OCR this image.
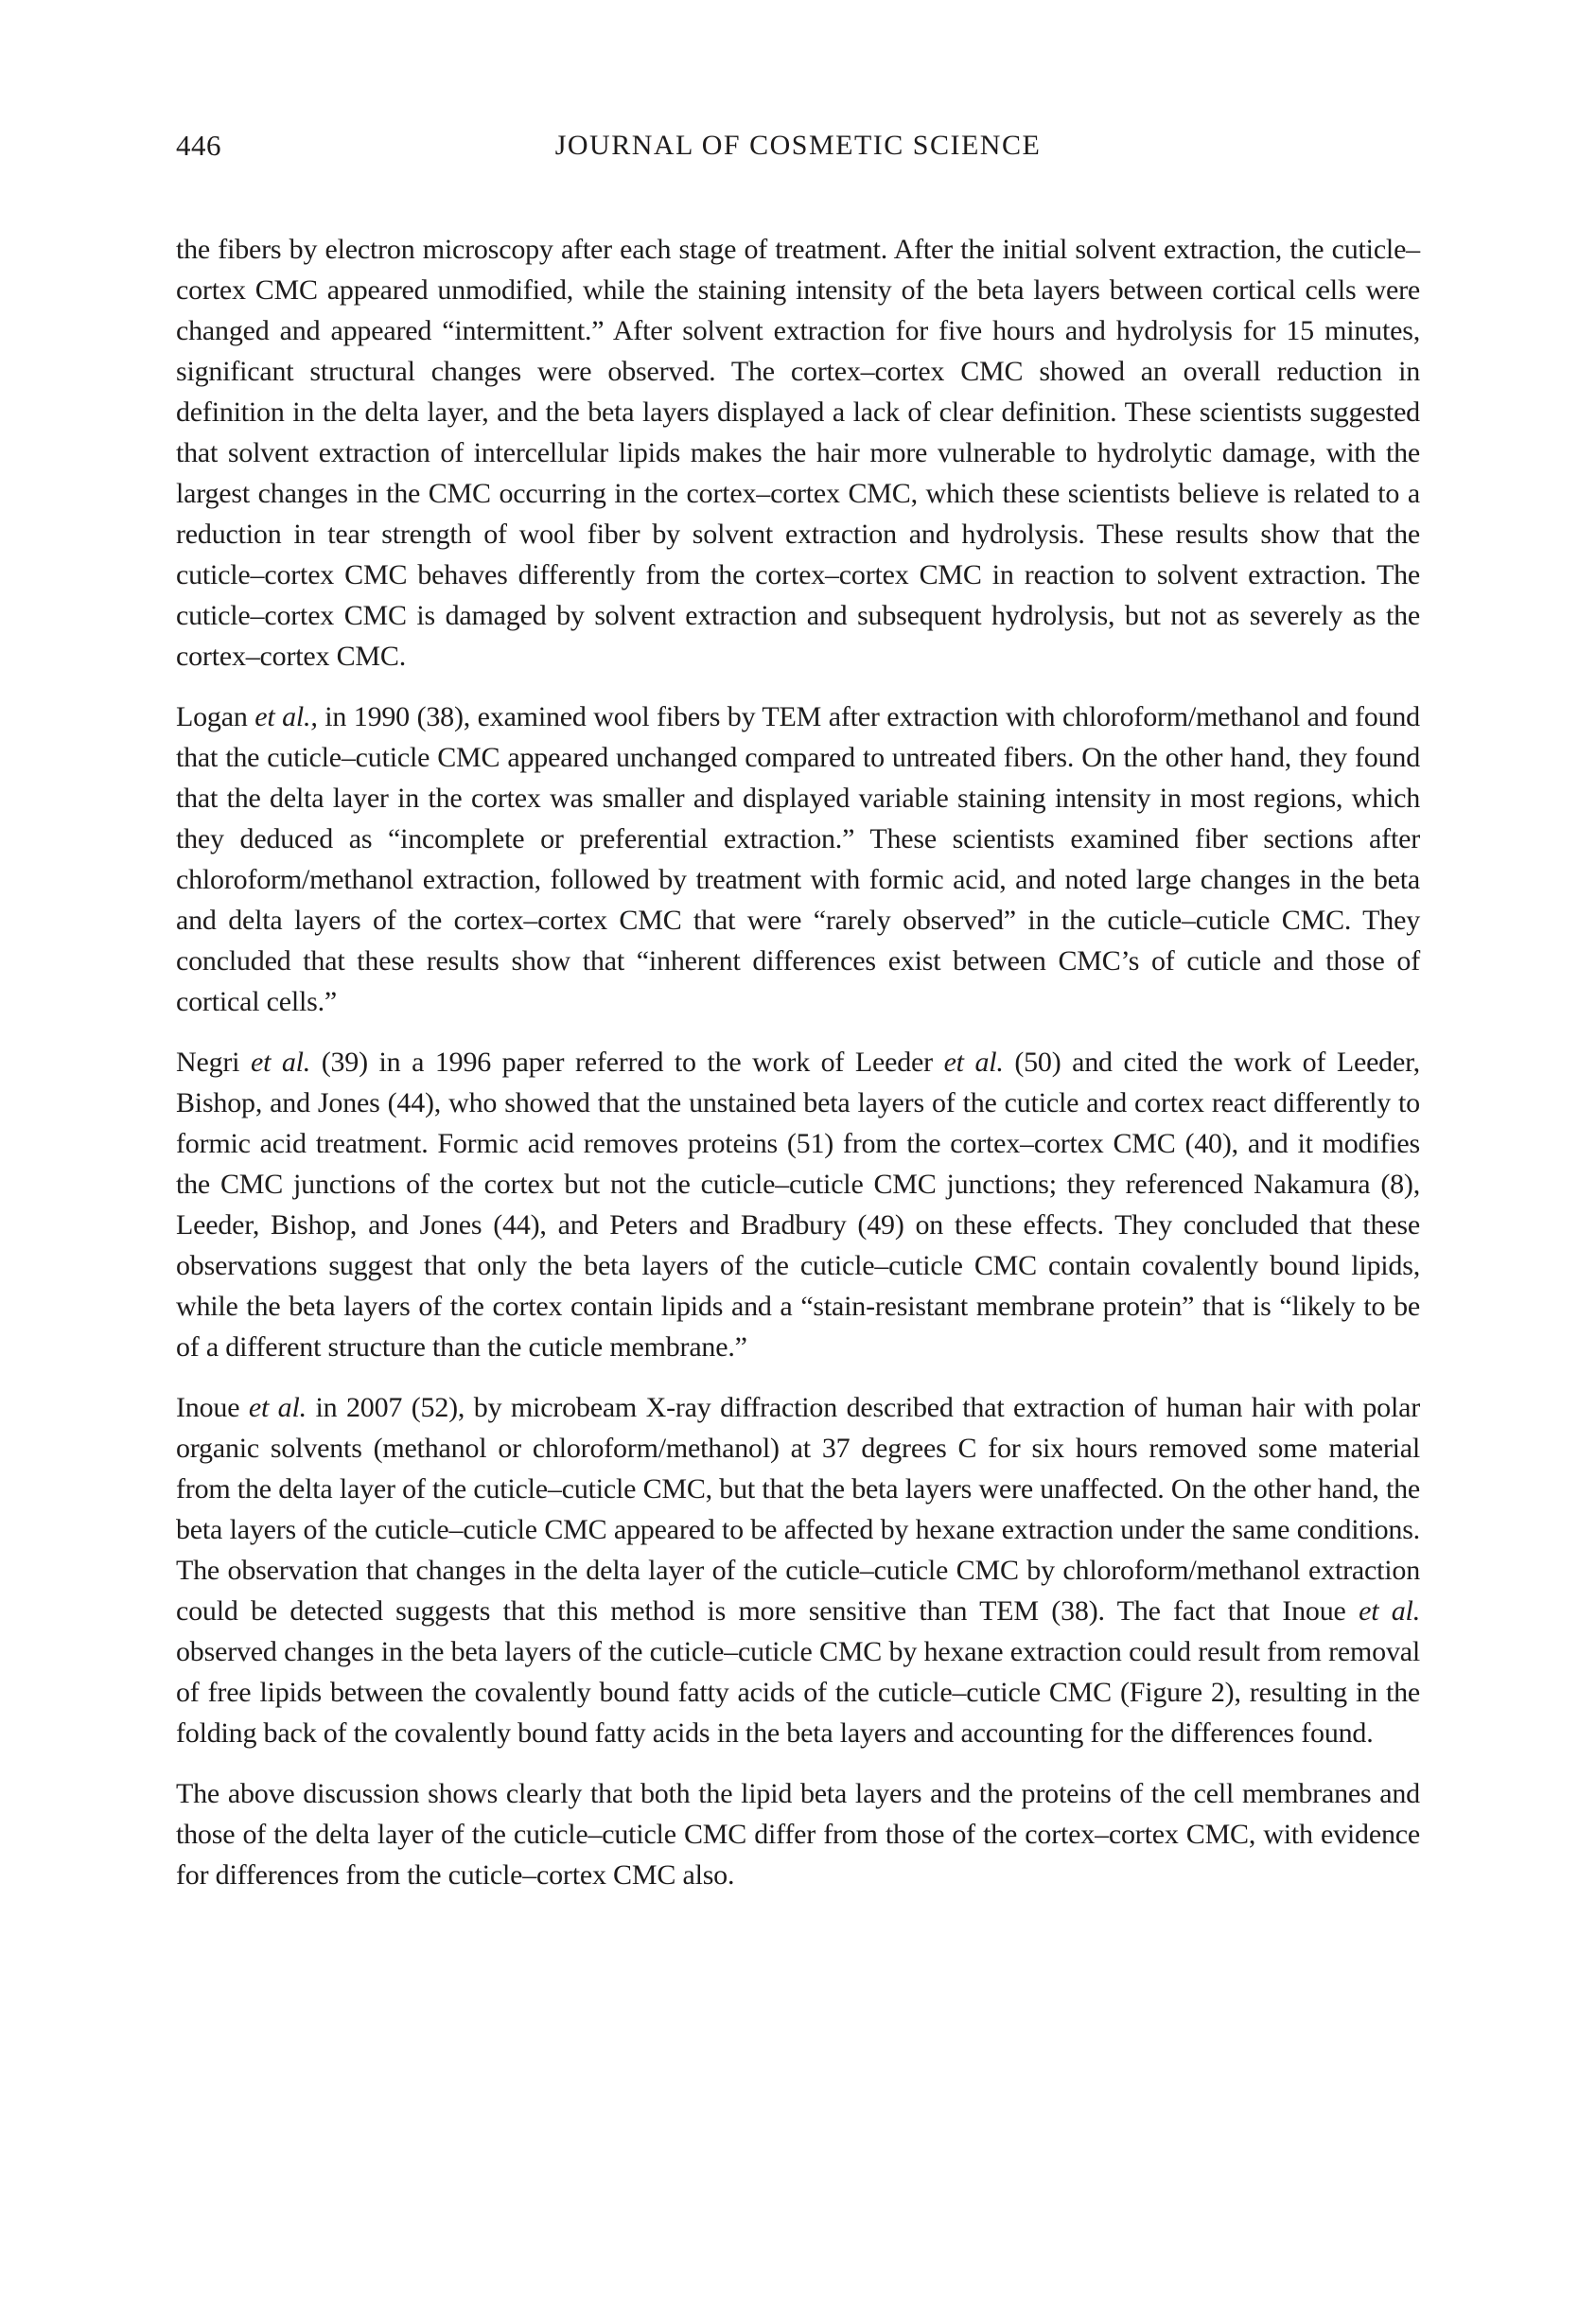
446	JOURNAL OF COSMETIC SCIENCE

the fibers by electron microscopy after each stage of treatment. After the initial solvent extraction, the cuticle–cortex CMC appeared unmodified, while the staining intensity of the beta layers between cortical cells were changed and appeared “intermittent.” After solvent extraction for five hours and hydrolysis for 15 minutes, significant structural changes were observed. The cortex–cortex CMC showed an overall reduction in definition in the delta layer, and the beta layers displayed a lack of clear definition. These scientists suggested that solvent extraction of intercellular lipids makes the hair more vulnerable to hydrolytic damage, with the largest changes in the CMC occurring in the cortex–cortex CMC, which these scientists believe is related to a reduction in tear strength of wool fiber by solvent extraction and hydrolysis. These results show that the cuticle–cortex CMC behaves differently from the cortex–cortex CMC in reaction to solvent extraction. The cuticle–cortex CMC is damaged by solvent extraction and subsequent hydrolysis, but not as severely as the cortex–cortex CMC.

Logan et al., in 1990 (38), examined wool fibers by TEM after extraction with chloroform/methanol and found that the cuticle–cuticle CMC appeared unchanged compared to untreated fibers. On the other hand, they found that the delta layer in the cortex was smaller and displayed variable staining intensity in most regions, which they deduced as “incomplete or preferential extraction.” These scientists examined fiber sections after chloroform/methanol extraction, followed by treatment with formic acid, and noted large changes in the beta and delta layers of the cortex–cortex CMC that were “rarely observed” in the cuticle–cuticle CMC. They concluded that these results show that “inherent differences exist between CMC’s of cuticle and those of cortical cells.”

Negri et al. (39) in a 1996 paper referred to the work of Leeder et al. (50) and cited the work of Leeder, Bishop, and Jones (44), who showed that the unstained beta layers of the cuticle and cortex react differently to formic acid treatment. Formic acid removes proteins (51) from the cortex–cortex CMC (40), and it modifies the CMC junctions of the cortex but not the cuticle–cuticle CMC junctions; they referenced Nakamura (8), Leeder, Bishop, and Jones (44), and Peters and Bradbury (49) on these effects. They concluded that these observations suggest that only the beta layers of the cuticle–cuticle CMC contain covalently bound lipids, while the beta layers of the cortex contain lipids and a “stain-resistant membrane protein” that is “likely to be of a different structure than the cuticle membrane.”

Inoue et al. in 2007 (52), by microbeam X-ray diffraction described that extraction of human hair with polar organic solvents (methanol or chloroform/methanol) at 37 degrees C for six hours removed some material from the delta layer of the cuticle–cuticle CMC, but that the beta layers were unaffected. On the other hand, the beta layers of the cuticle–cuticle CMC appeared to be affected by hexane extraction under the same conditions. The observation that changes in the delta layer of the cuticle–cuticle CMC by chloroform/methanol extraction could be detected suggests that this method is more sensitive than TEM (38). The fact that Inoue et al. observed changes in the beta layers of the cuticle–cuticle CMC by hexane extraction could result from removal of free lipids between the covalently bound fatty acids of the cuticle–cuticle CMC (Figure 2), resulting in the folding back of the covalently bound fatty acids in the beta layers and accounting for the differences found.

The above discussion shows clearly that both the lipid beta layers and the proteins of the cell membranes and those of the delta layer of the cuticle–cuticle CMC differ from those of the cortex–cortex CMC, with evidence for differences from the cuticle–cortex CMC also.
